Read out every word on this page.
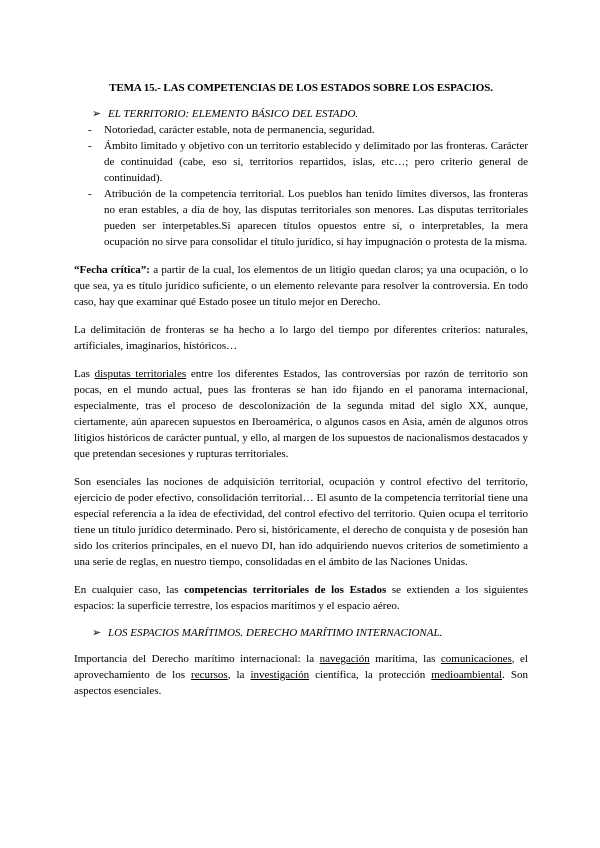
TEMA 15.- LAS COMPETENCIAS DE LOS ESTADOS SOBRE LOS ESPACIOS.
➢ EL TERRITORIO: ELEMENTO BÁSICO DEL ESTADO.
- Notoriedad, carácter estable, nota de permanencia, seguridad.
- Ámbito limitado y objetivo con un territorio establecido y delimitado por las fronteras. Carácter de continuidad (cabe, eso sí, territorios repartidos, islas, etc…; pero criterio general de continuidad).
- Atribución de la competencia territorial. Los pueblos han tenido límites diversos, las fronteras no eran estables, a día de hoy, las disputas territoriales son menores. Las disputas territoriales pueden ser interpetables.Si aparecen títulos opuestos entre sí, o interpretables, la mera ocupación no sirve para consolidar el título jurídico, si hay impugnación o protesta de la misma.

“Fecha crítica”: a partir de la cual, los elementos de un litigio quedan claros; ya una ocupación, o lo que sea, ya es título jurídico suficiente, o un elemento relevante para resolver la controversia. En todo caso, hay que examinar qué Estado posee un título mejor en Derecho.

La delimitación de fronteras se ha hecho a lo largo del tiempo por diferentes criterios: naturales, artificiales, imaginarios, históricos…

Las disputas territoriales entre los diferentes Estados, las controversias por razón de territorio son pocas, en el mundo actual, pues las fronteras se han ido fijando en el panorama internacional, especialmente, tras el proceso de descolonización de la segunda mitad del siglo XX, aunque, ciertamente, aún aparecen supuestos en Iberoamérica, o algunos casos en Asia, amén de algunos otros litigios históricos de carácter puntual, y ello, al margen de los supuestos de nacionalismos destacados y que pretendan secesiones y rupturas territoriales.

Son esenciales las nociones de adquisición territorial, ocupación y control efectivo del territorio, ejercicio de poder efectivo, consolidación territorial… El asunto de la competencia territorial tiene una especial referencia a la idea de efectividad, del control efectivo del territorio. Quien ocupa el territorio tiene un título jurídico determinado. Pero si, históricamente, el derecho de conquista y de posesión han sido los criterios principales, en el nuevo DI, han ido adquiriendo nuevos criterios de sometimiento a una serie de reglas, en nuestro tiempo, consolidadas en el ámbito de las Naciones Unidas.

En cualquier caso, las competencias territoriales de los Estados se extienden a los siguientes espacios: la superficie terrestre, los espacios marítimos y el espacio aéreo.

➢ LOS ESPACIOS MARÍTIMOS. DERECHO MARÍTIMO INTERNACIONAL.

Importancia del Derecho marítimo internacional: la navegación marítima, las comunicaciones, el aprovechamiento de los recursos, la investigación científica, la protección medioambiental. Son aspectos esenciales.
